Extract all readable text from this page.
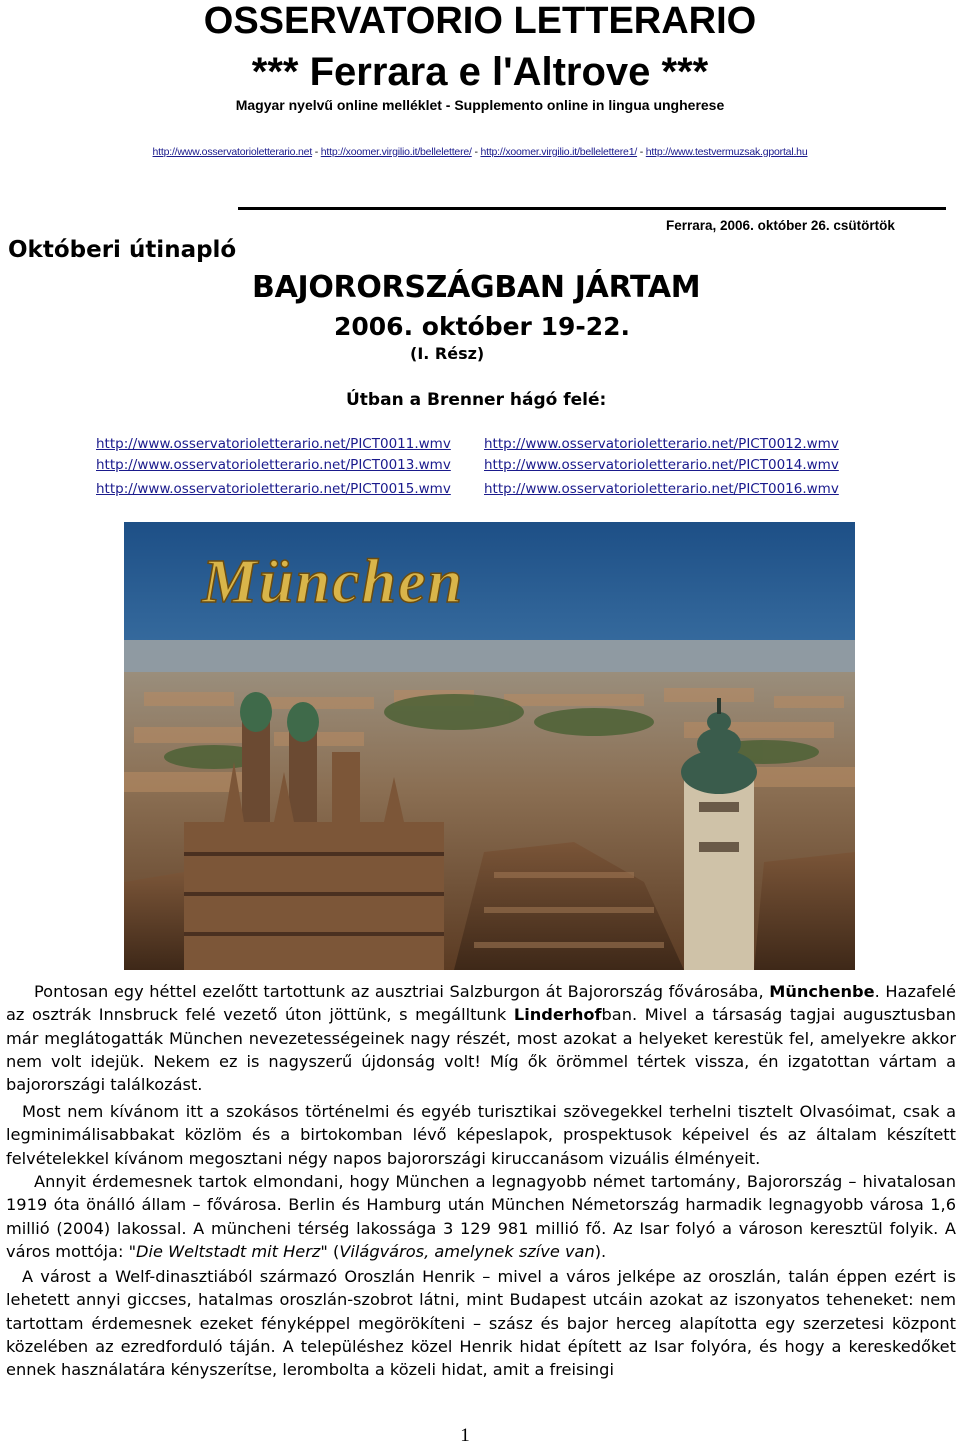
OSSERVATORIO LETTERARIO
*** Ferrara e l'Altrove ***
Magyar nyelvű online melléklet - Supplemento online in lingua ungherese
http://www.osservatorioletterario.net - http://xoomer.virgilio.it/bellelettere/ - http://xoomer.virgilio.it/bellelettere1/ - http://www.testvermuzsak.gportal.hu
Ferrara, 2006. október 26. csütörtök
Októberi útinapló
BAJORORSZÁGBAN JÁRTAM
2006. október 19-22.
(I. Rész)
Útban a Brenner hágó felé:
http://www.osservatorioletterario.net/PICT0011.wmv http://www.osservatorioletterario.net/PICT0012.wmv
http://www.osservatorioletterario.net/PICT0013.wmv http://www.osservatorioletterario.net/PICT0014.wmv
http://www.osservatorioletterario.net/PICT0015.wmv http://www.osservatorioletterario.net/PICT0016.wmv
München
Pontosan egy héttel ezelőtt tartottunk az ausztriai Salzburgon át Bajorország fővárosába, Münchenbe. Hazafelé az osztrák Innsbruck felé vezető úton jöttünk, s megálltunk Linderhofban. Mivel a társaság tagjai augusztusban már meglátogatták München nevezetességeinek nagy részét, most azokat a helyeket kerestük fel, amelyekre akkor nem volt idejük. Nekem ez is nagyszerű újdonság volt! Míg ők örömmel tértek vissza, én izgatottan vártam a bajorországi találkozást.
Most nem kívánom itt a szokásos történelmi és egyéb turisztikai szövegekkel terhelni tisztelt Olvasóimat, csak a legminimálisabbakat közlöm és a birtokomban lévő képeslapok, prospektusok képeivel és az általam készített felvételekkel kívánom megosztani négy napos bajorországi kiruccanásom vizuális élményeit.
Annyit érdemesnek tartok elmondani, hogy München a legnagyobb német tartomány, Bajorország – hivatalosan 1919 óta önálló állam – fővárosa. Berlin és Hamburg után München Németország harmadik legnagyobb városa 1,6 millió (2004) lakossal. A müncheni térség lakossága 3 129 981 millió fő. Az Isar folyó a városon keresztül folyik. A város mottója: "Die Weltstadt mit Herz" (Világváros, amelynek szíve van).
A várost a Welf-dinasztiából származó Oroszlán Henrik – mivel a város jelképe az oroszlán, talán éppen ezért is lehetett annyi giccses, hatalmas oroszlán-szobrot látni, mint Budapest utcáin azokat az iszonyatos teheneket: nem tartottam érdemesnek ezeket fényképpel megörökíteni – szász és bajor herceg alapította egy szerzetesi központ közelében az ezredforduló táján. A településhez közel Henrik hidat épített az Isar folyóra, és hogy a kereskedőket ennek használatára kényszerítse, lerombolta a közeli hidat, amit a freisingi
1
